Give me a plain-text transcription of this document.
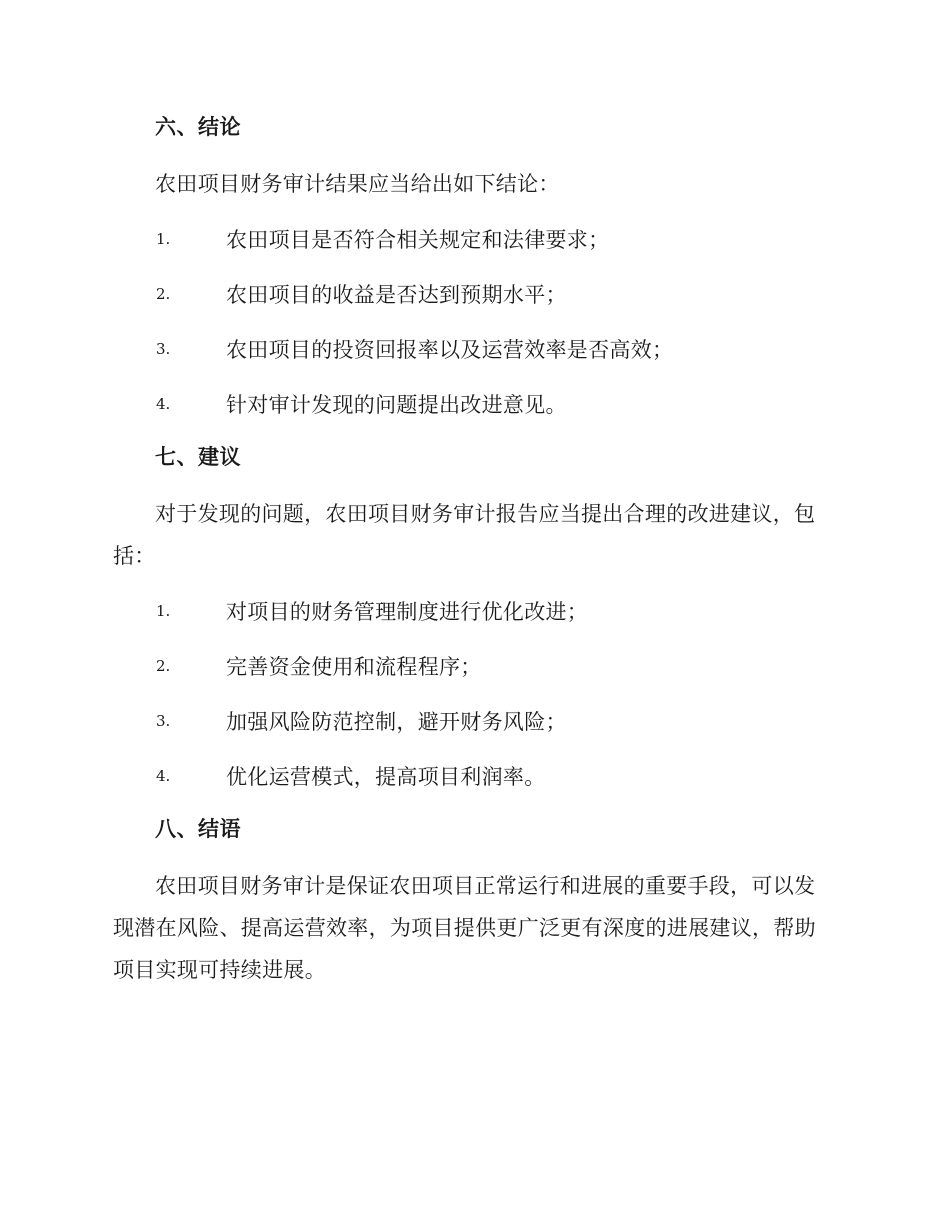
六、结论
农田项目财务审计结果应当给出如下结论：
1.	农田项目是否符合相关规定和法律要求；
2.	农田项目的收益是否达到预期水平；
3.	农田项目的投资回报率以及运营效率是否高效；
4.	针对审计发现的问题提出改进意见。
七、建议
对于发现的问题，农田项目财务审计报告应当提出合理的改进建议，包括：
1.	对项目的财务管理制度进行优化改进；
2.	完善资金使用和流程程序；
3.	加强风险防范控制，避开财务风险；
4.	优化运营模式，提高项目利润率。
八、结语
农田项目财务审计是保证农田项目正常运行和进展的重要手段，可以发现潜在风险、提高运营效率，为项目提供更广泛更有深度的进展建议，帮助项目实现可持续进展。
